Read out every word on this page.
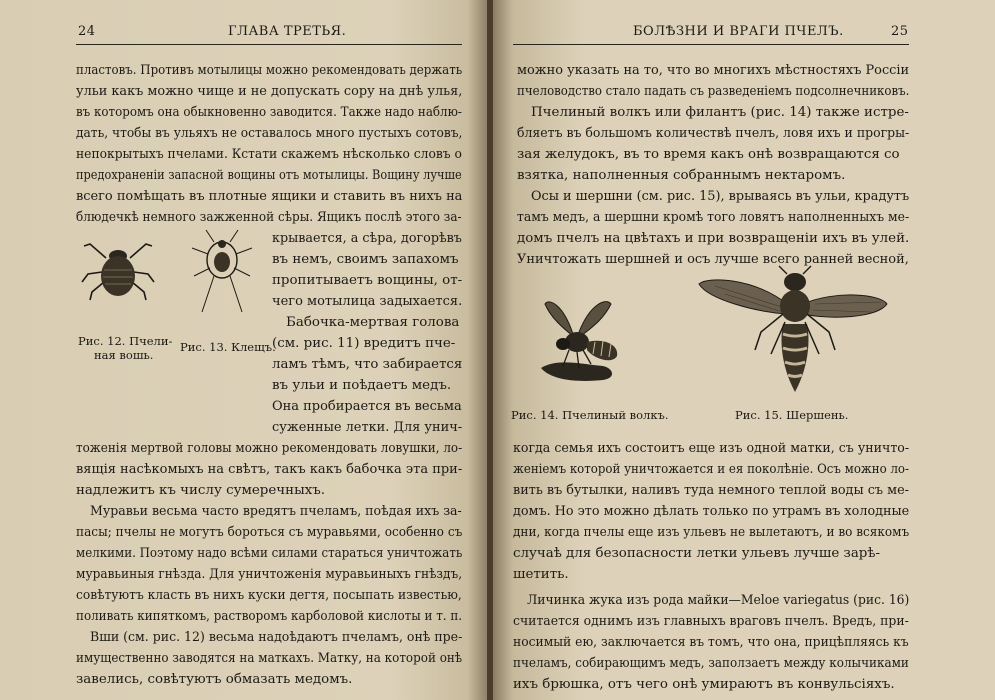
24	ГЛАВА ТРЕТЬЯ.
пластовъ. Противъ мотылицы можно рекомендовать держать
ульи какъ можно чище и не допускать сору на днѣ улья,
въ которомъ она обыкновенно заводится. Также надо наблю-
дать, чтобы въ ульяхъ не оставалось много пустыхъ сотовъ,
непокрытыхъ пчелами. Кстати скажемъ нѣсколько словъ о
предохраненіи запасной вощины отъ мотылицы. Вощину лучше
всего помѣщать въ плотные ящики и ставить въ нихъ на
блюдечкѣ немного зажженной сѣры. Ящикъ послѣ этого за-
крывается, а сѣра, догорѣвъ
въ немъ, своимъ запахомъ
пропитываетъ вощины, от-
чего мотылица задыхается.
Бабочка-мертвая голова
(см. рис. 11) вредитъ пче-
ламъ тѣмъ, что забирается
въ ульи и поѣдаетъ медъ.
Она пробирается въ весьма
суженные летки. Для унич-
Рис. 12. Пчели-
ная вошь.
Рис. 13. Клещъ.
тоженія мертвой головы можно рекомендовать ловушки, ло-
вящія насѣкомыхъ на свѣтъ, такъ какъ бабочка эта при-
надлежитъ къ числу сумеречныхъ.
Муравьи весьма часто вредятъ пчеламъ, поѣдая ихъ за-
пасы; пчелы не могутъ бороться съ муравьями, особенно съ
мелкими. Поэтому надо всѣми силами стараться уничтожать
муравьиныя гнѣзда. Для уничтоженія муравьиныхъ гнѣздъ,
совѣтуютъ класть въ нихъ куски дегтя, посыпать известью,
поливать кипяткомъ, растворомъ карболовой кислоты и т. п.
Вши (см. рис. 12) весьма надоѣдаютъ пчеламъ, онѣ пре-
имущественно заводятся на маткахъ. Матку, на которой онѣ
завелись, совѣтуютъ обмазать медомъ.
БОЛѢЗНИ И ВРАГИ ПЧЕЛЪ.	25
можно указать на то, что во многихъ мѣстностяхъ Россіи
пчеловодство стало падать съ разведеніемъ подсолнечниковъ.
Пчелиный волкъ или филантъ (рис. 14) также истре-
бляетъ въ большомъ количествѣ пчелъ, ловя ихъ и прогры-
зая желудокъ, въ то время какъ онѣ возвращаются со
взятка, наполненныя собраннымъ нектаромъ.
Осы и шершни (см. рис. 15), врываясь въ ульи, крадутъ
тамъ медъ, а шершни кромѣ того ловятъ наполненныхъ ме-
домъ пчелъ на цвѣтахъ и при возвращеніи ихъ въ улей.
Уничтожать шершней и осъ лучше всего ранней весной,
Рис. 14. Пчелиный волкъ.	Рис. 15. Шершень.
когда семья ихъ состоитъ еще изъ одной матки, съ уничто-
женіемъ которой уничтожается и ея поколѣніе. Осъ можно ло-
вить въ бутылки, наливъ туда немного теплой воды съ ме-
домъ. Но это можно дѣлать только по утрамъ въ холодные
дни, когда пчелы еще изъ ульевъ не вылетаютъ, и во всякомъ
случаѣ для безопасности летки ульевъ лучше зарѣ-
шетить.
Личинка жука изъ рода майки—Meloe variegatus (рис. 16)
считается однимъ изъ главныхъ враговъ пчелъ. Вредъ, при-
носимый ею, заключается въ томъ, что она, прицѣпляясь къ
пчеламъ, собирающимъ медъ, заползаетъ между колычиками
ихъ брюшка, отъ чего онѣ умираютъ въ конвульсіяхъ.
